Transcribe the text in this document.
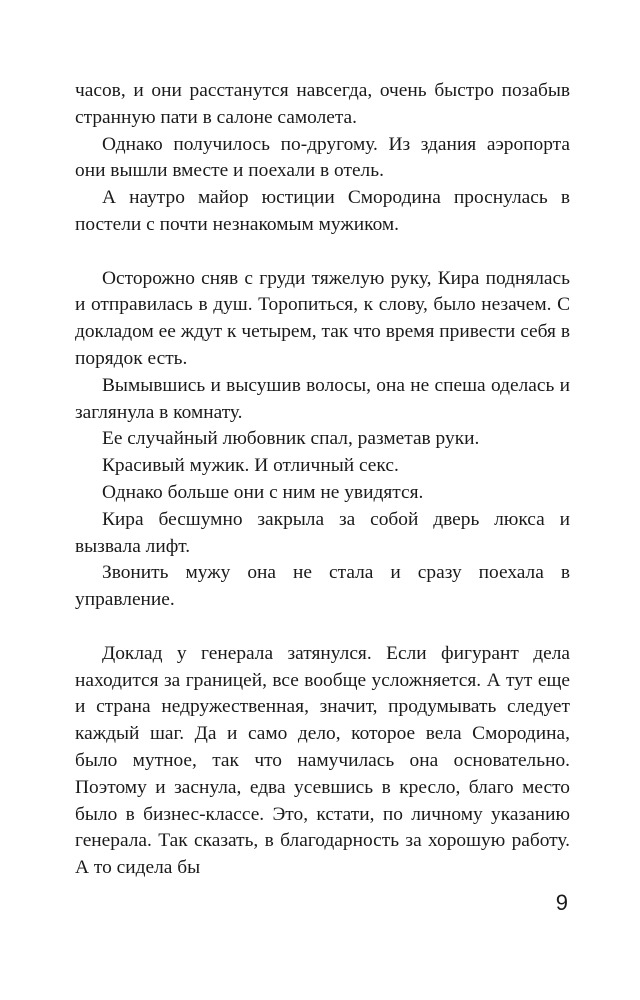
часов, и они расстанутся навсегда, очень быстро позабыв странную пати в салоне самолета.

Однако получилось по-другому. Из здания аэропорта они вышли вместе и поехали в отель.

А наутро майор юстиции Смородина проснулась в постели с почти незнакомым мужиком.

Осторожно сняв с груди тяжелую руку, Кира поднялась и отправилась в душ. Торопиться, к слову, было незачем. С докладом ее ждут к четырем, так что время привести себя в порядок есть.

Вымывшись и высушив волосы, она не спеша оделась и заглянула в комнату.

Ее случайный любовник спал, разметав руки.

Красивый мужик. И отличный секс.

Однако больше они с ним не увидятся.

Кира бесшумно закрыла за собой дверь люкса и вызвала лифт.

Звонить мужу она не стала и сразу поехала в управление.

Доклад у генерала затянулся. Если фигурант дела находится за границей, все вообще усложняется. А тут еще и страна недружественная, значит, продумывать следует каждый шаг. Да и само дело, которое вела Смородина, было мутное, так что намучилась она основательно. Поэтому и заснула, едва усевшись в кресло, благо место было в бизнес-классе. Это, кстати, по личному указанию генерала. Так сказать, в благодарность за хорошую работу. А то сидела бы

9
